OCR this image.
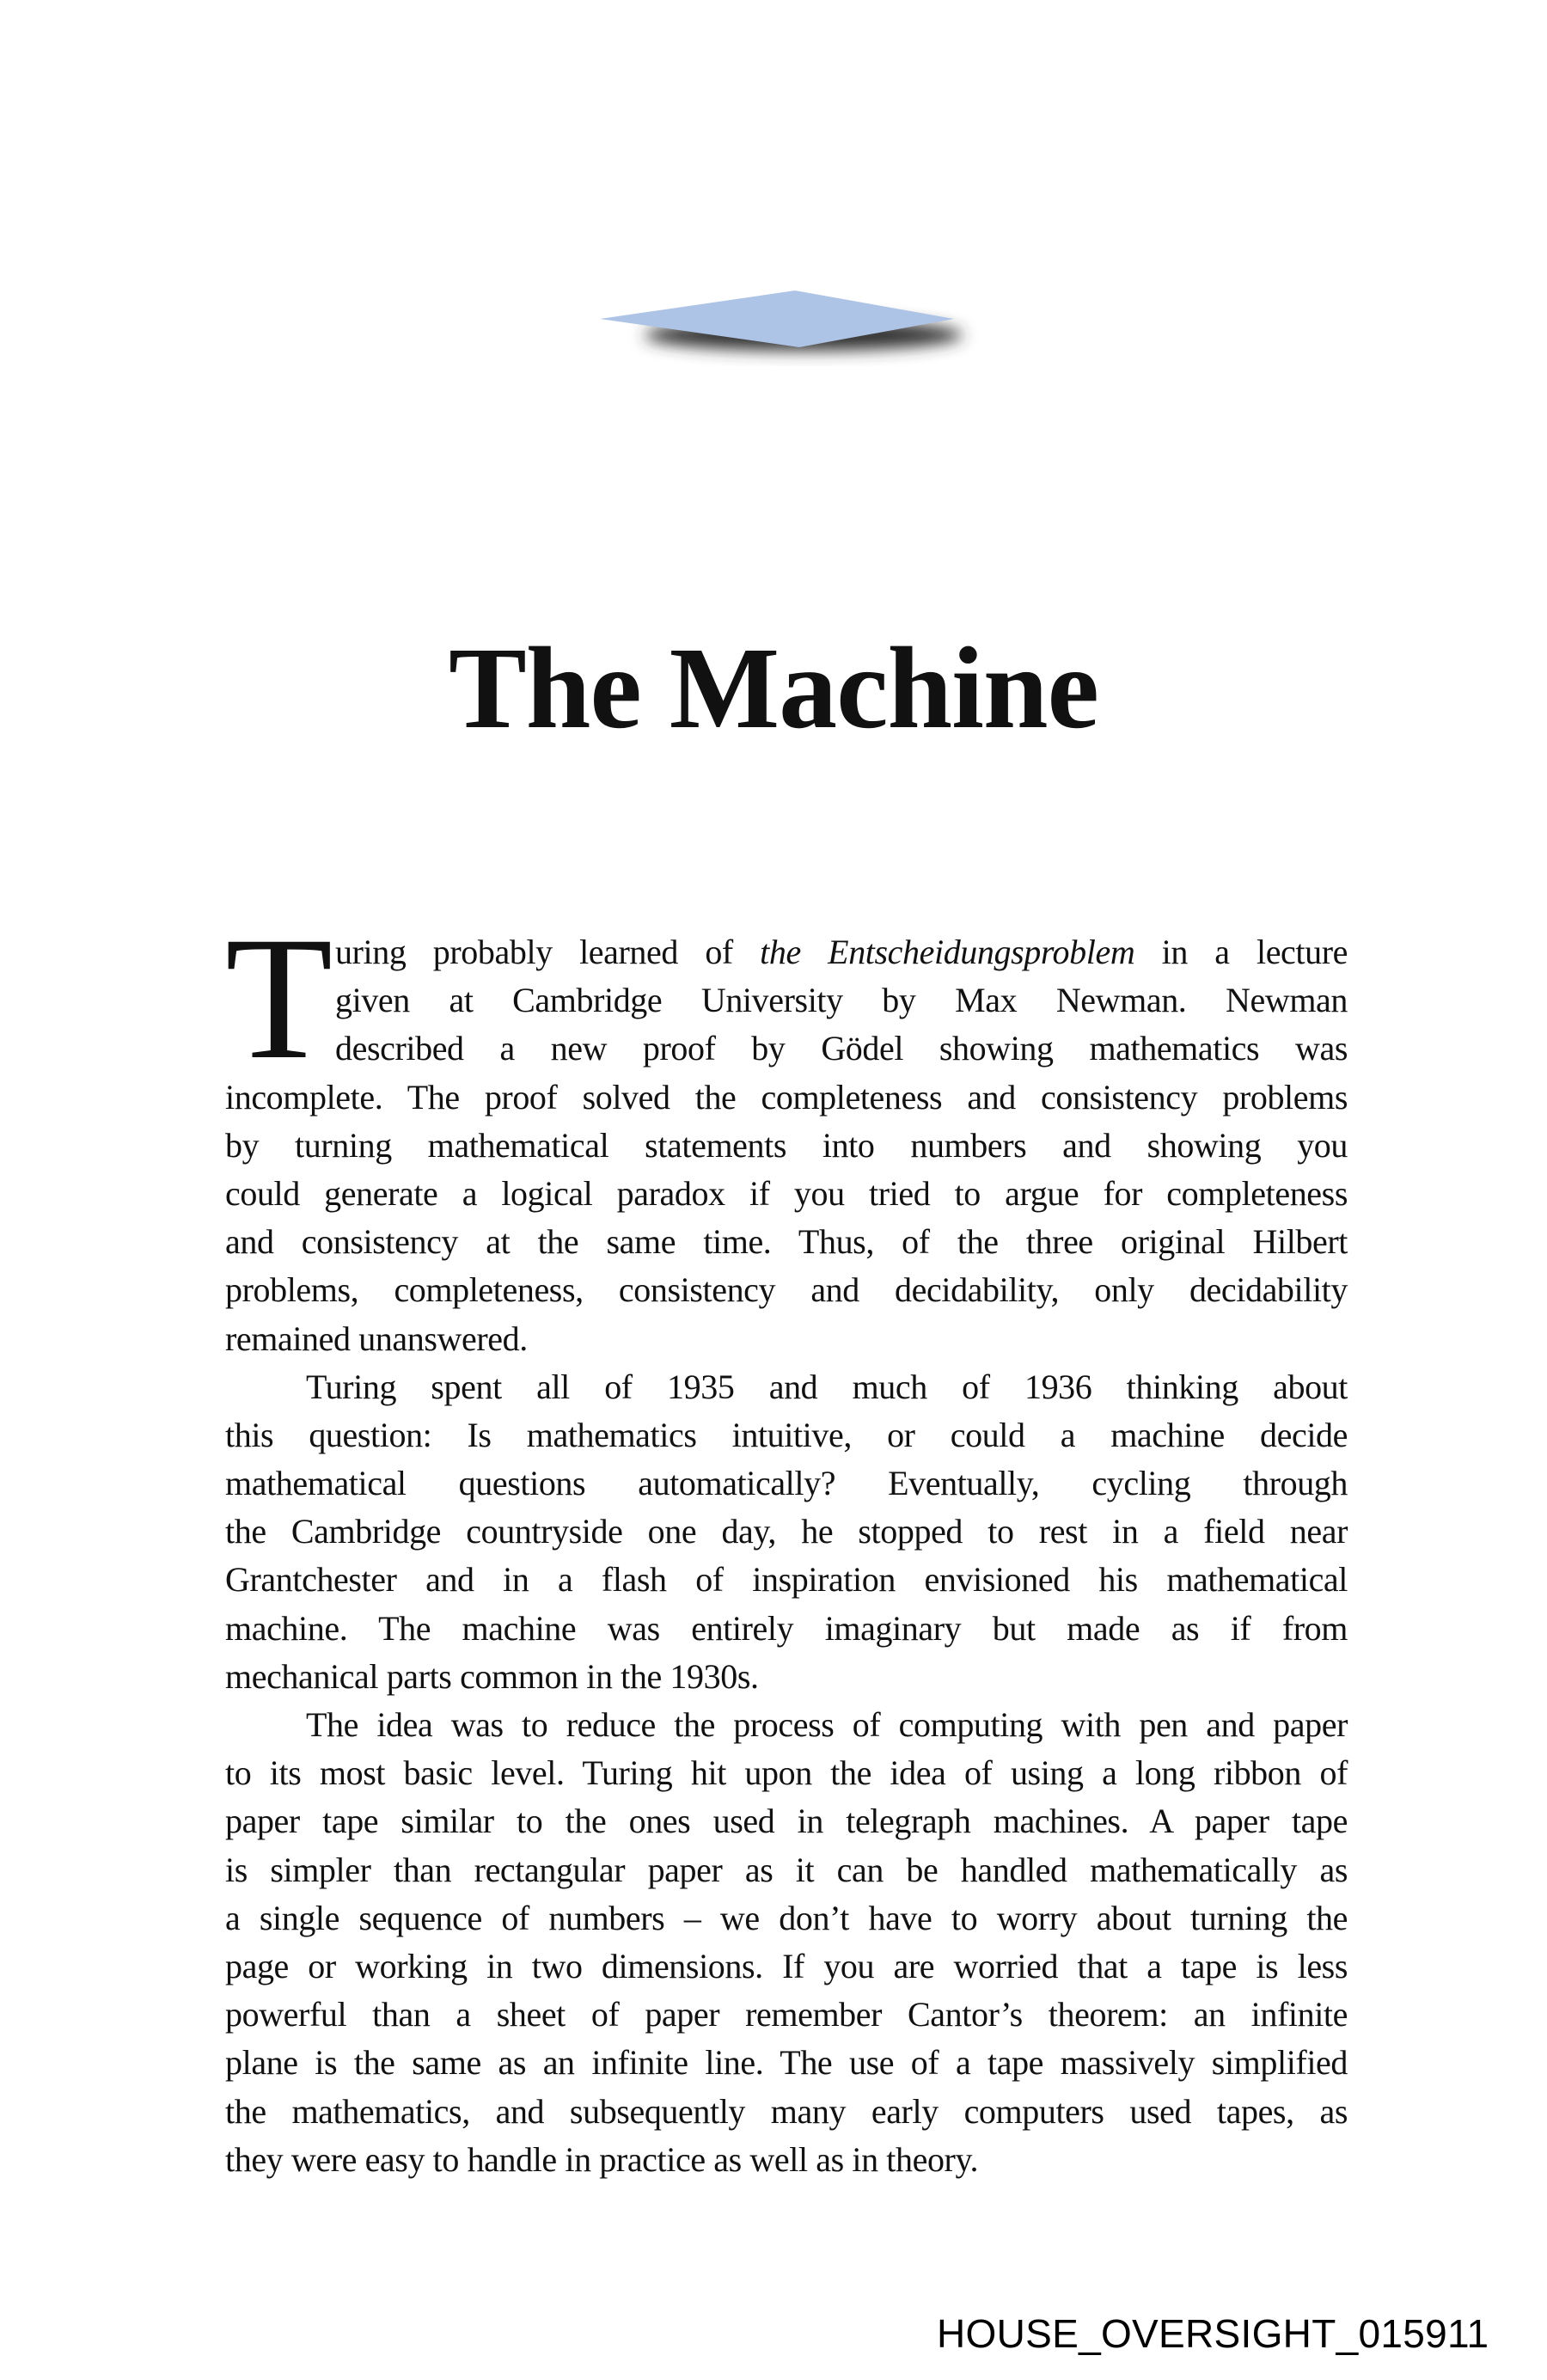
The Machine
T uring probably learned of the Entscheidungsproblem in a lecture
given at Cambridge University by Max Newman. Newman
described a new proof by Gödel showing mathematics was
incomplete. The proof solved the completeness and consistency problems
by turning mathematical statements into numbers and showing you
could generate a logical paradox if you tried to argue for completeness
and consistency at the same time. Thus, of the three original Hilbert
problems, completeness, consistency and decidability, only decidability
remained unanswered.
Turing spent all of 1935 and much of 1936 thinking about
this question: Is mathematics intuitive, or could a machine decide
mathematical questions automatically? Eventually, cycling through
the Cambridge countryside one day, he stopped to rest in a field near
Grantchester and in a flash of inspiration envisioned his mathematical
machine. The machine was entirely imaginary but made as if from
mechanical parts common in the 1930s.
The idea was to reduce the process of computing with pen and paper
to its most basic level. Turing hit upon the idea of using a long ribbon of
paper tape similar to the ones used in telegraph machines. A paper tape
is simpler than rectangular paper as it can be handled mathematically as
a single sequence of numbers – we don’t have to worry about turning the
page or working in two dimensions. If you are worried that a tape is less
powerful than a sheet of paper remember Cantor’s theorem: an infinite
plane is the same as an infinite line. The use of a tape massively simplified
the mathematics, and subsequently many early computers used tapes, as
they were easy to handle in practice as well as in theory.
HOUSE_OVERSIGHT_015911
